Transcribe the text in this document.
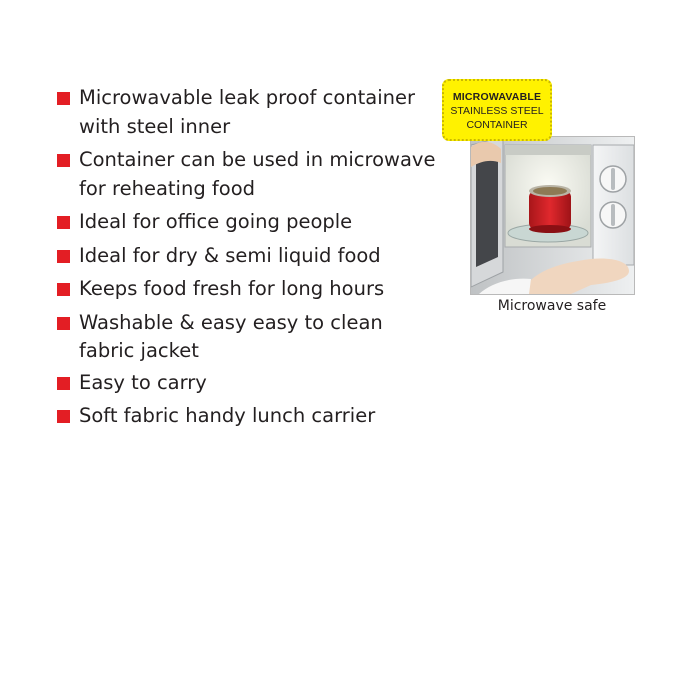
Microwavable leak proof container with steel inner
Container can be used in microwave for reheating food
Ideal for office going people
Ideal for dry & semi liquid food
Keeps food fresh for long hours
Washable & easy easy to clean fabric jacket
Easy to carry
Soft fabric handy lunch carrier
MICROWAVABLE
STAINLESS STEEL
CONTAINER
Microwave safe
